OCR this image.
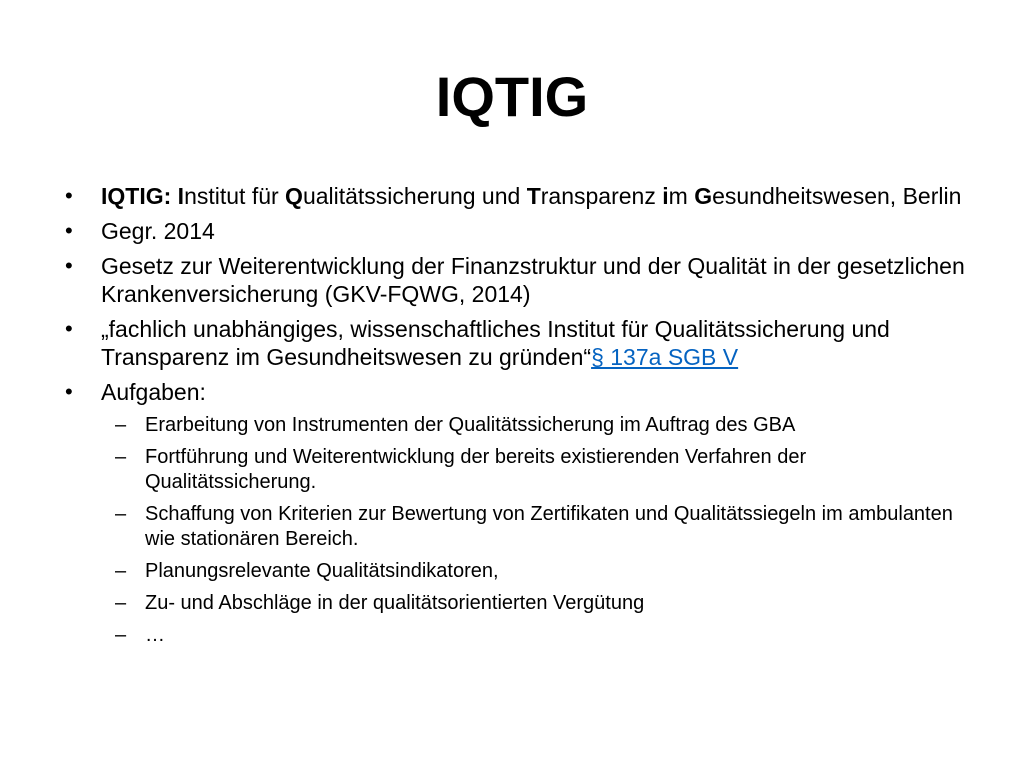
IQTIG
•	IQTIG: Institut für Qualitätssicherung und Transparenz im Gesundheitswesen, Berlin
•	Gegr. 2014
•	Gesetz zur Weiterentwicklung der Finanzstruktur und der Qualität in der gesetzlichen Krankenversicherung (GKV-FQWG, 2014)
•	„fachlich unabhängiges, wissenschaftliches Institut für Qualitätssicherung und Transparenz im Gesundheitswesen zu gründen“§ 137a SGB V
•	Aufgaben:
– Erarbeitung von Instrumenten der Qualitätssicherung im Auftrag des GBA
– Fortführung und Weiterentwicklung der bereits existierenden Verfahren der Qualitätssicherung.
– Schaffung von Kriterien zur Bewertung von Zertifikaten und Qualitätssiegeln im ambulanten wie stationären Bereich.
– Planungsrelevante Qualitätsindikatoren,
– Zu- und Abschläge in der qualitätsorientierten Vergütung
– …
